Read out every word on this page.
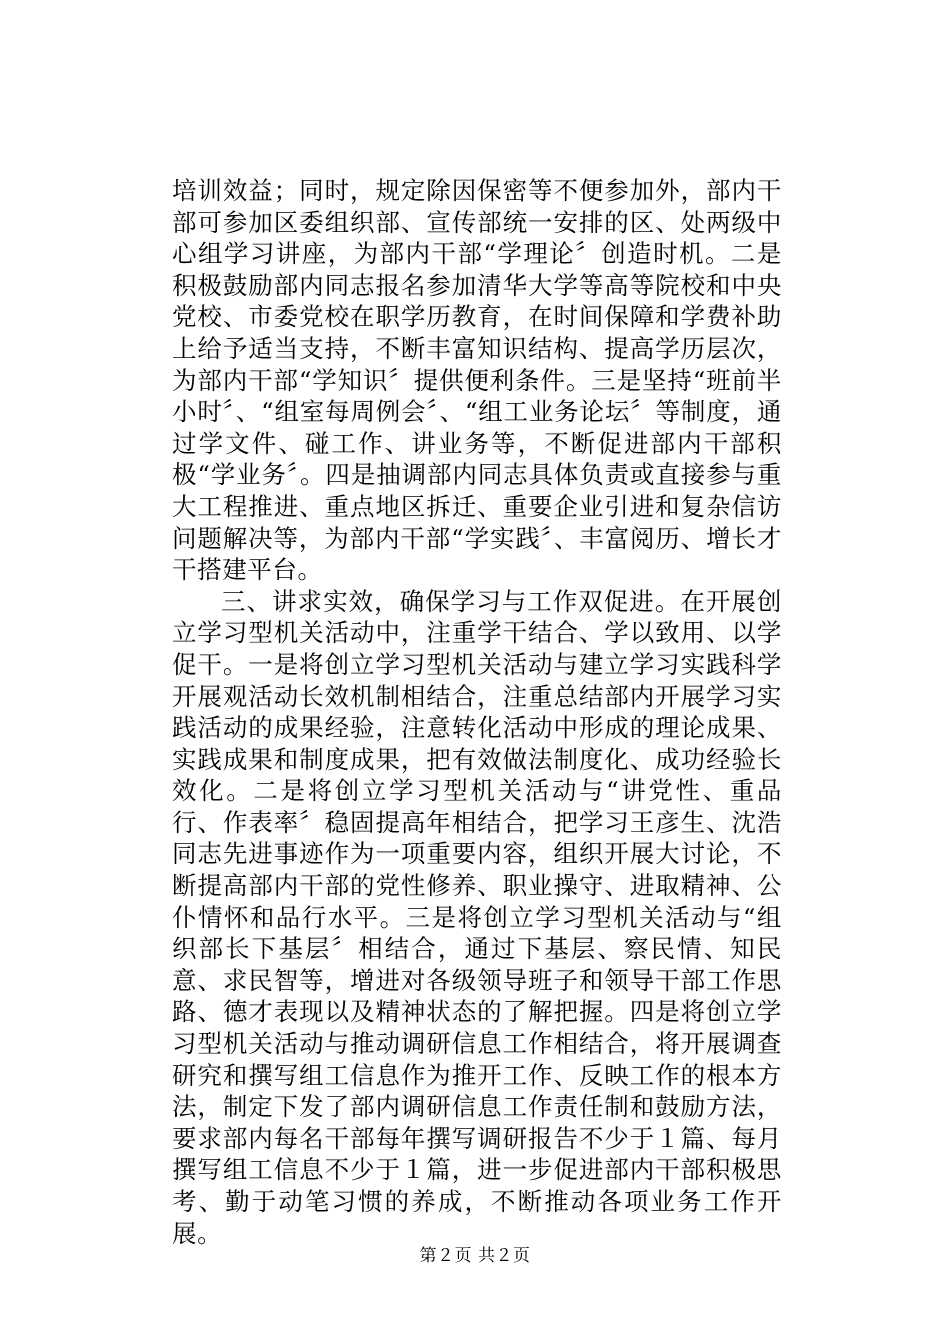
培训效益；同时，规定除因保密等不便参加外，部内干部可参加区委组织部、宣传部统一安排的区、处两级中心组学习讲座，为部内干部“学理论〞创造时机。二是积极鼓励部内同志报名参加清华大学等高等院校和中央党校、市委党校在职学历教育，在时间保障和学费补助上给予适当支持，不断丰富知识结构、提高学历层次，为部内干部“学知识〞提供便利条件。三是坚持“班前半小时〞、“组室每周例会〞、“组工业务论坛〞等制度，通过学文件、碰工作、讲业务等，不断促进部内干部积极“学业务〞。四是抽调部内同志具体负责或直接参与重大工程推进、重点地区拆迁、重要企业引进和复杂信访问题解决等，为部内干部“学实践〞、丰富阅历、增长才干搭建平台。

三、讲求实效，确保学习与工作双促进。在开展创立学习型机关活动中，注重学干结合、学以致用、以学促干。一是将创立学习型机关活动与建立学习实践科学开展观活动长效机制相结合，注重总结部内开展学习实践活动的成果经验，注意转化活动中形成的理论成果、实践成果和制度成果，把有效做法制度化、成功经验长效化。二是将创立学习型机关活动与“讲党性、重品行、作表率〞稳固提高年相结合，把学习王彦生、沈浩同志先进事迹作为一项重要内容，组织开展大讨论，不断提高部内干部的党性修养、职业操守、进取精神、公仆情怀和品行水平。三是将创立学习型机关活动与“组织部长下基层〞相结合，通过下基层、察民情、知民意、求民智等，增进对各级领导班子和领导干部工作思路、德才表现以及精神状态的了解把握。四是将创立学习型机关活动与推动调研信息工作相结合，将开展调查研究和撰写组工信息作为推开工作、反映工作的根本方法，制定下发了部内调研信息工作责任制和鼓励方法，要求部内每名干部每年撰写调研报告不少于１篇、每月撰写组工信息不少于１篇，进一步促进部内干部积极思考、勤于动笔习惯的养成，不断推动各项业务工作开展。

第２页 共２页
